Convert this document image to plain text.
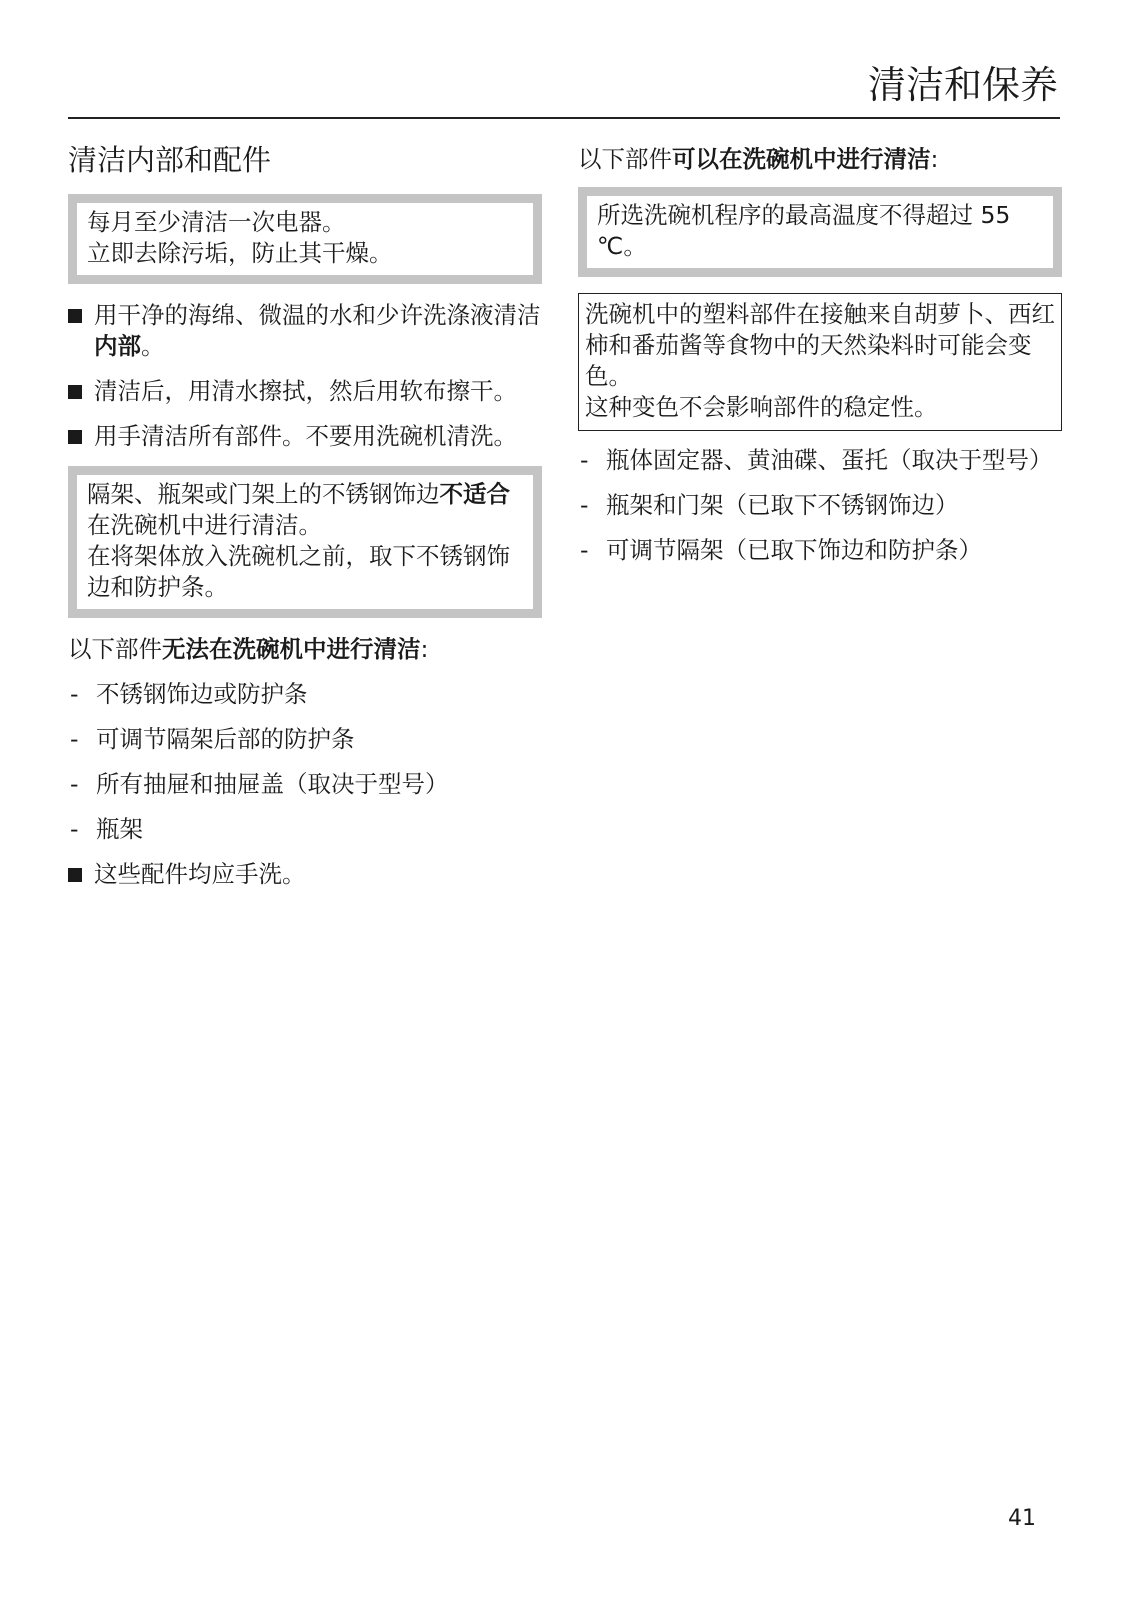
清洁和保养
清洁内部和配件
每月至少清洁一次电器。
立即去除污垢，防止其干燥。
用干净的海绵、微温的水和少许洗涤液清洁内部。
清洁后，用清水擦拭，然后用软布擦干。
用手清洁所有部件。不要用洗碗机清洗。
隔架、瓶架或门架上的不锈钢饰边不适合在洗碗机中进行清洁。
在将架体放入洗碗机之前，取下不锈钢饰边和防护条。
以下部件无法在洗碗机中进行清洁:
- 不锈钢饰边或防护条
- 可调节隔架后部的防护条
- 所有抽屉和抽屉盖（取决于型号）
- 瓶架
这些配件均应手洗。
以下部件可以在洗碗机中进行清洁:
所选洗碗机程序的最高温度不得超过 55 ℃。
洗碗机中的塑料部件在接触来自胡萝卜、西红柿和番茄酱等食物中的天然染料时可能会变色。
这种变色不会影响部件的稳定性。
- 瓶体固定器、黄油碟、蛋托（取决于型号）
- 瓶架和门架（已取下不锈钢饰边）
- 可调节隔架（已取下饰边和防护条）
41
